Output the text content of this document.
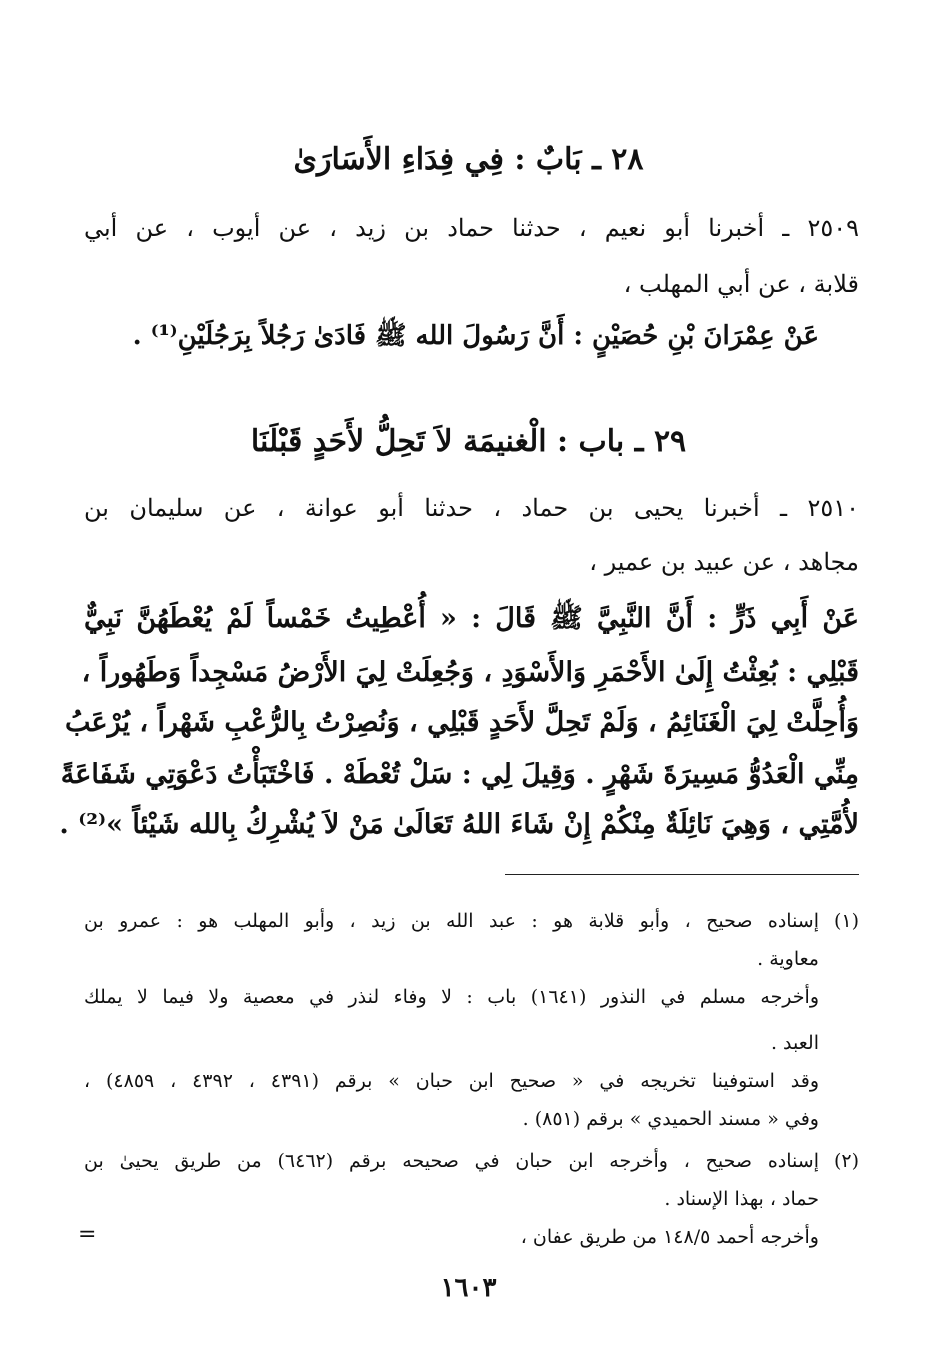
٢٨ ـ بَابٌ : فِي فِدَاءِ الأَسَارَىٰ
٢٥٠٩ ـ أخبرنا أبو نعيم ، حدثنا حماد بن زيد ، عن أيوب ، عن أبي
قلابة ، عن أبي المهلب ،
عَنْ عِمْرَانَ بْنِ حُصَيْنٍ : أَنَّ رَسُولَ الله ﷺ فَادَىٰ رَجُلاً بِرَجُلَيْنِ⁽¹⁾ .
٢٩ ـ باب : الْغنيمَة لاَ تَحِلُّ لأَحَدٍ قَبْلَنَا
٢٥١٠ ـ أخبرنا يحيى بن حماد ، حدثنا أبو عوانة ، عن سليمان بن
مجاهد ، عن عبيد بن عمير ،
عَنْ أَبِي ذَرٍّ : أَنَّ النَّبِيَّ ﷺ قَالَ : « أُعْطِيتُ خَمْساً لَمْ يُعْطَهُنَّ نَبِيٌّ
قَبْلِي : بُعِثْتُ إِلَىٰ الأَحْمَرِ وَالأَسْوَدِ ، وَجُعِلَتْ لِيَ الأَرْضُ مَسْجِداً وَطَهُوراً ،
وَأُحِلَّتْ لِيَ الْغَنَائِمُ ، وَلَمْ تَحِلَّ لأَحَدٍ قَبْلِي ، وَنُصِرْتُ بِالرُّعْبِ شَهْراً ، يُرْعَبُ
مِنِّي الْعَدُوُّ مَسِيرَةَ شَهْرٍ . وَقِيلَ لِي : سَلْ تُعْطَهْ . فَاخْتَبَأْتُ دَعْوَتِي شَفَاعَةً
لأُمَّتِي ، وَهِيَ نَائِلَةٌ مِنْكُمْ إِنْ شَاءَ اللهُ تَعَالَىٰ مَنْ لاَ يُشْرِكُ بِالله شَيْئاً »⁽²⁾ .
(١)
إسناده صحيح ، وأبو قلابة هو : عبد الله بن زيد ، وأبو المهلب هو : عمرو بن
معاوية .
وأخرجه مسلم في النذور (١٦٤١) باب : لا وفاء لنذر في معصية ولا فيما لا يملك
العبد .
وقد استوفينا تخريجه في « صحيح ابن حبان » برقم (٤٣٩١ ، ٤٣٩٢ ، ٤٨٥٩) ،
وفي « مسند الحميدي » برقم (٨٥١) .
(٢)
إسناده صحيح ، وأخرجه ابن حبان في صحيحه برقم (٦٤٦٢) من طريق يحيىٰ بن
حماد ، بهذا الإسناد .
وأخرجه أحمد ١٤٨/٥ من طريق عفان ،
=
١٦٠٣
